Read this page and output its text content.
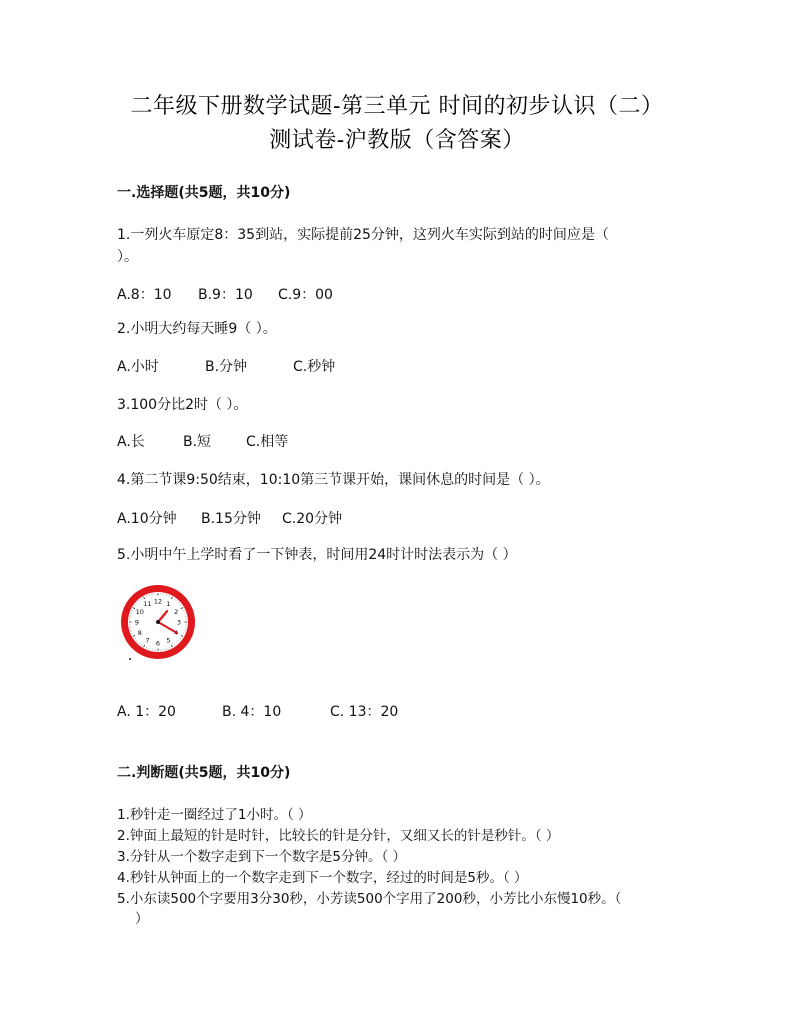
二年级下册数学试题-第三单元 时间的初步认识（二）
测试卷-沪教版（含答案）
一.选择题(共5题，共10分)
1.一列火车原定8：35到站，实际提前25分钟，这列火车实际到站的时间应是（
）。
A.8：10 B.9：10 C.9：00
2.小明大约每天睡9（ ）。
A.小时	B.分钟	C.秒钟
3.100分比2时（ ）。
A.长	B.短 C.相等
4.第二节课9:50结束，10:10第三节课开始，课间休息的时间是（ ）。
A.10分钟 B.15分钟 C.20分钟
5.小明中午上学时看了一下钟表，时间用24时计时法表示为（ ）
12 1
2
3
5
6
7
8
9
10
11
A. 1：20	B. 4：10	C. 13：20
二.判断题(共5题，共10分)
1.秒针走一圈经过了1小时。（ ）
2.钟面上最短的针是时针，比较长的针是分针，又细又长的针是秒针。（ ）
3.分针从一个数字走到下一个数字是5分钟。（ ）
4.秒针从钟面上的一个数字走到下一个数字，经过的时间是5秒。（ ）
5.小东读500个字要用3分30秒，小芳读500个字用了200秒，小芳比小东慢10秒。（
）
